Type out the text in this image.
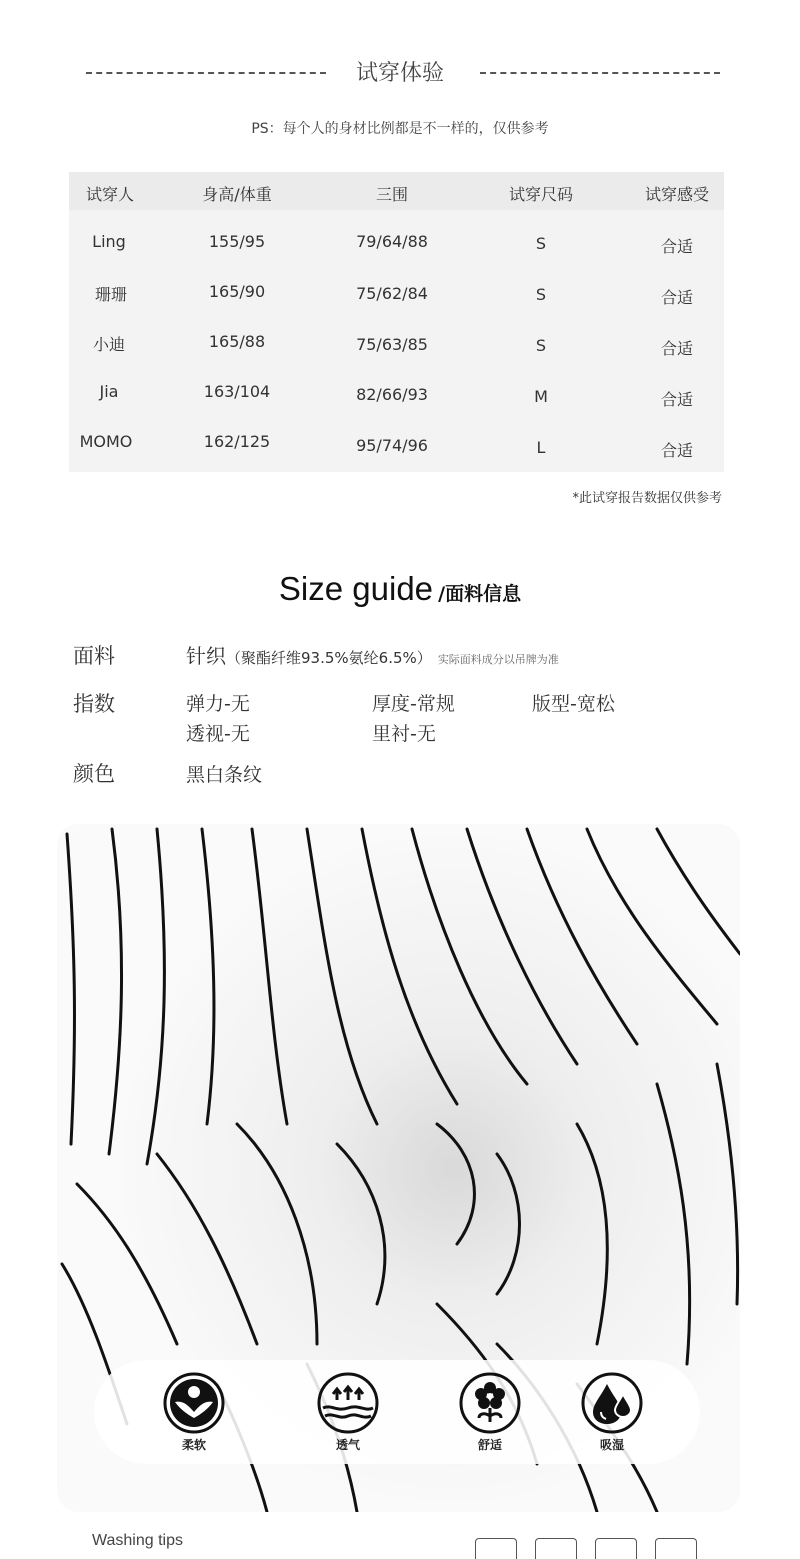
试穿体验
PS：每个人的身材比例都是不一样的，仅供参考
试穿人	身高/体重	三围	试穿尺码	试穿感受
Ling	155/95	79/64/88	S	合适
珊珊	165/90	75/62/84	S	合适
小迪	165/88	75/63/85	S	合适
Jia	163/104	82/66/93	M	合适
MOMO	162/125	95/74/96	L	合适
*此试穿报告数据仅供参考
Size guide /面料信息
面料	针织（聚酯纤维93.5%氨纶6.5%） 实际面料成分以吊牌为准
指数	弹力-无	厚度-常规	版型-宽松
透视-无	里衬-无
颜色	黑白条纹
柔软	透气	舒适	吸湿
Washing tips
